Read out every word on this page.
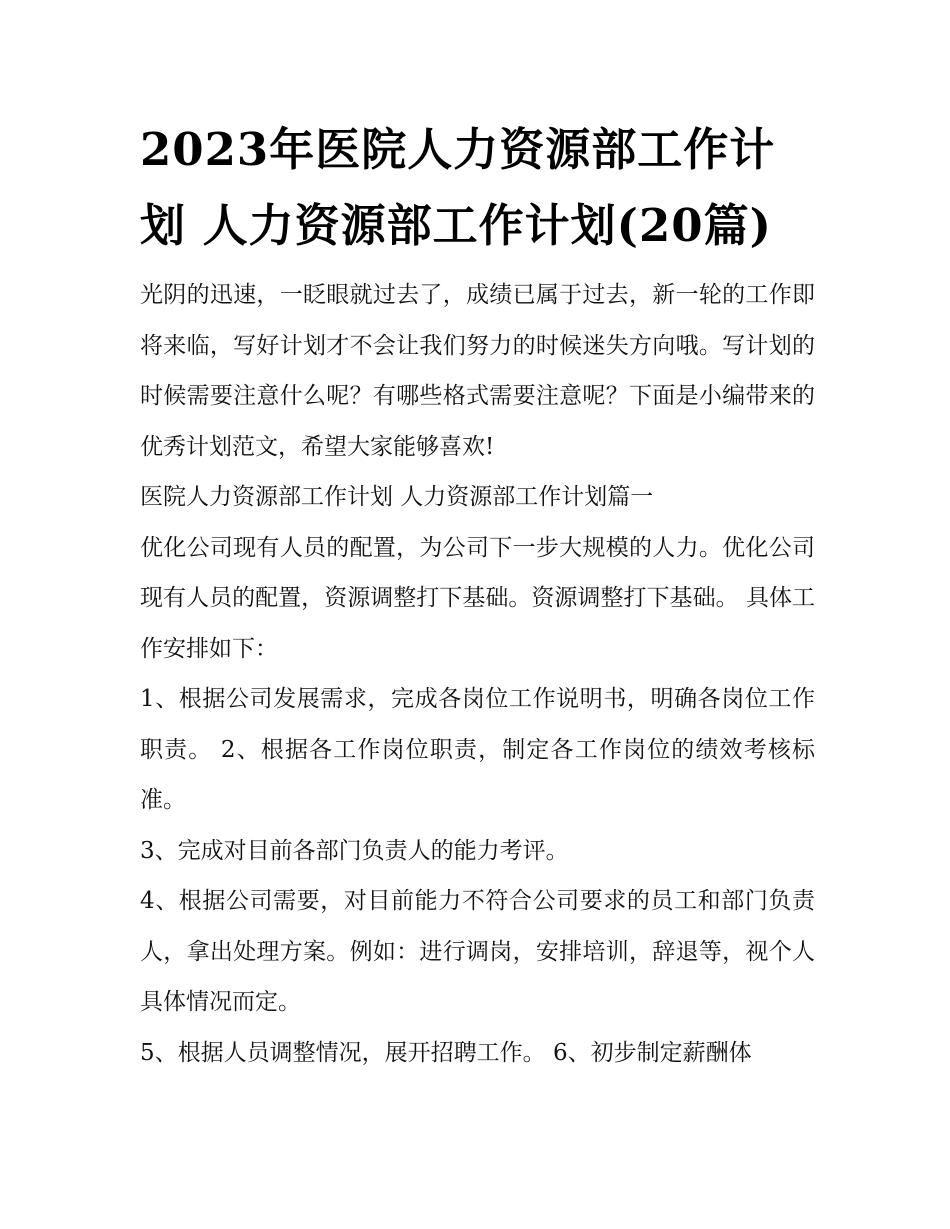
2023年医院人力资源部工作计划 人力资源部工作计划(20篇)

光阴的迅速，一眨眼就过去了，成绩已属于过去，新一轮的工作即将来临，写好计划才不会让我们努力的时候迷失方向哦。写计划的时候需要注意什么呢？有哪些格式需要注意呢？下面是小编带来的优秀计划范文，希望大家能够喜欢!

医院人力资源部工作计划 人力资源部工作计划篇一

优化公司现有人员的配置，为公司下一步大规模的人力。优化公司现有人员的配置，资源调整打下基础。资源调整打下基础。 具体工作安排如下：

1、根据公司发展需求，完成各岗位工作说明书，明确各岗位工作职责。 2、根据各工作岗位职责，制定各工作岗位的绩效考核标准。

3、完成对目前各部门负责人的能力考评。

4、根据公司需要，对目前能力不符合公司要求的员工和部门负责人，拿出处理方案。例如：进行调岗，安排培训，辞退等，视个人具体情况而定。

5、根据人员调整情况，展开招聘工作。 6、初步制定薪酬体
